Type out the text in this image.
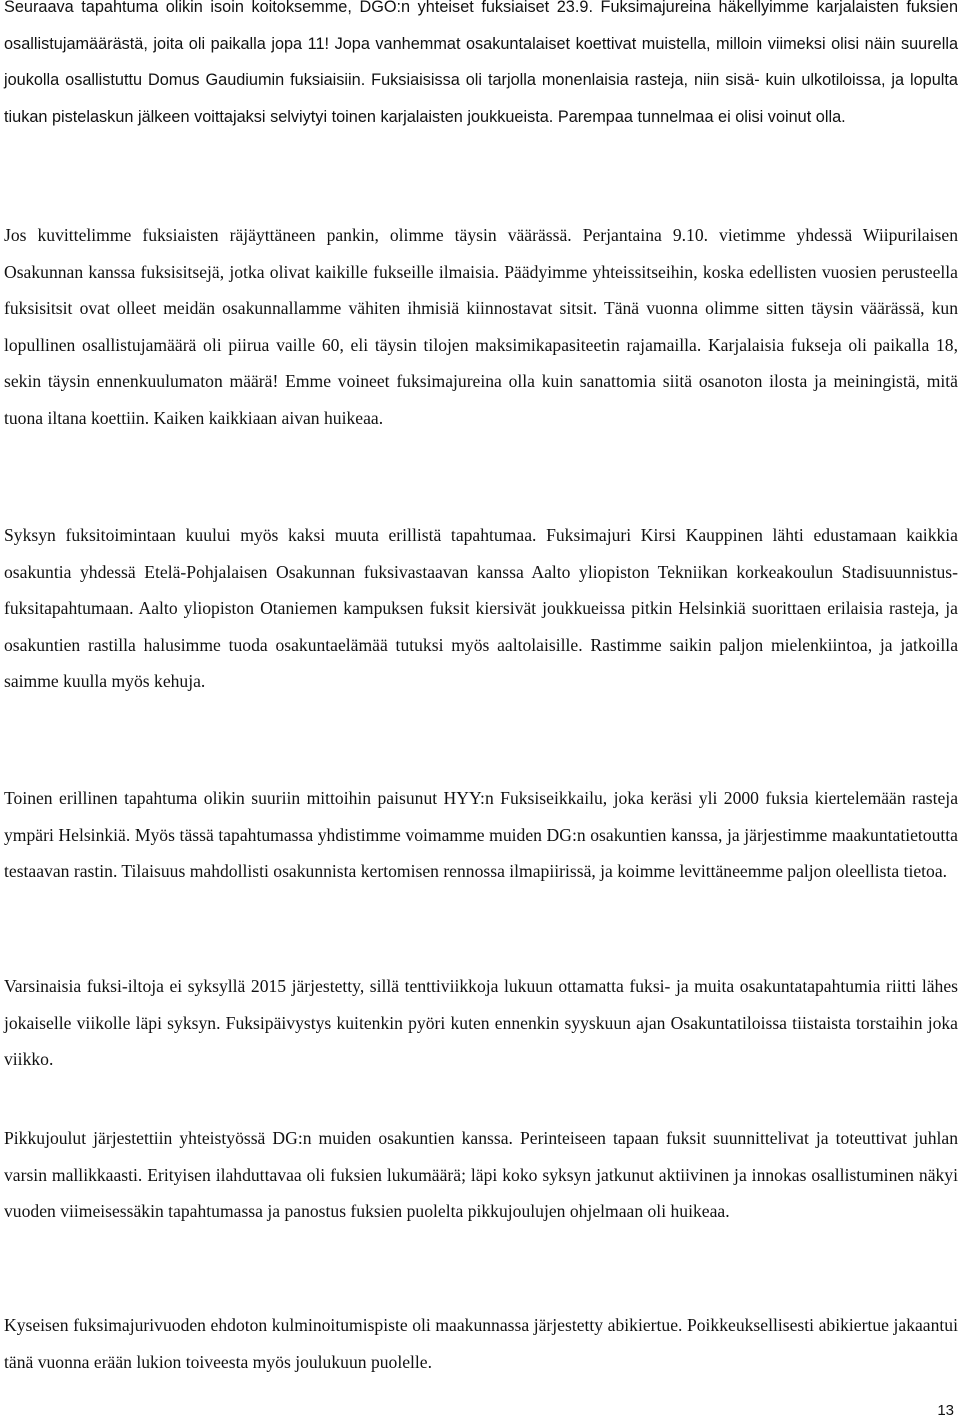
Seuraava tapahtuma olikin isoin koitoksemme, DGO:n yhteiset fuksiaiset 23.9. Fuksimajureina häkellyimme karjalaisten fuksien osallistujamäärästä, joita oli paikalla jopa 11! Jopa vanhemmat osakuntalaiset koettivat muistella, milloin viimeksi olisi näin suurella joukolla osallistuttu Domus Gaudiumin fuksiaisiin. Fuksiaisissa oli tarjolla monenlaisia rasteja, niin sisä- kuin ulkotiloissa, ja lopulta tiukan pistelaskun jälkeen voittajaksi selviytyi toinen karjalaisten joukkueista. Parempaa tunnelmaa ei olisi voinut olla.

Jos kuvittelimme fuksiaisten räjäyttäneen pankin, olimme täysin väärässä. Perjantaina 9.10. vietimme yhdessä Wiipurilaisen Osakunnan kanssa fuksisitsejä, jotka olivat kaikille fukseille ilmaisia. Päädyimme yhteissitseihin, koska edellisten vuosien perusteella fuksisitsit ovat olleet meidän osakunnallamme vähiten ihmisiä kiinnostavat sitsit. Tänä vuonna olimme sitten täysin väärässä, kun lopullinen osallistujamäärä oli piirua vaille 60, eli täysin tilojen maksimikapasiteetin rajamailla. Karjalaisia fukseja oli paikalla 18, sekin täysin ennenkuulumaton määrä! Emme voineet fuksimajureina olla kuin sanattomia siitä osanoton ilosta ja meiningistä, mitä tuona iltana koettiin. Kaiken kaikkiaan aivan huikeaa.

Syksyn fuksitoimintaan kuului myös kaksi muuta erillistä tapahtumaa. Fuksimajuri Kirsi Kauppinen lähti edustamaan kaikkia osakuntia yhdessä Etelä-Pohjalaisen Osakunnan fuksivastaavan kanssa Aalto yliopiston Tekniikan korkeakoulun Stadisuunnistus-fuksitapahtumaan. Aalto yliopiston Otaniemen kampuksen fuksit kiersivät joukkueissa pitkin Helsinkiä suorittaen erilaisia rasteja, ja osakuntien rastilla halusimme tuoda osakuntaelämää tutuksi myös aaltolaisille. Rastimme saikin paljon mielenkiintoa, ja jatkoilla saimme kuulla myös kehuja.

Toinen erillinen tapahtuma olikin suuriin mittoihin paisunut HYY:n Fuksiseikkailu, joka keräsi yli 2000 fuksia kiertelemään rasteja ympäri Helsinkiä. Myös tässä tapahtumassa yhdistimme voimamme muiden DG:n osakuntien kanssa, ja järjestimme maakuntatietoutta testaavan rastin. Tilaisuus mahdollisti osakunnista kertomisen rennossa ilmapiirissä, ja koimme levittäneemme paljon oleellista tietoa.

Varsinaisia fuksi-iltoja ei syksyllä 2015 järjestetty, sillä tenttiviikkoja lukuun ottamatta fuksi- ja muita osakuntatapahtumia riitti lähes jokaiselle viikolle läpi syksyn. Fuksipäivystys kuitenkin pyöri kuten ennenkin syyskuun ajan Osakuntatiloissa tiistaista torstaihin joka viikko.

Pikkujoulut järjestettiin yhteistyössä DG:n muiden osakuntien kanssa. Perinteiseen tapaan fuksit suunnittelivat ja toteuttivat juhlan varsin mallikkaasti. Erityisen ilahduttavaa oli fuksien lukumäärä; läpi koko syksyn jatkunut aktiivinen ja innokas osallistuminen näkyi vuoden viimeisessäkin tapahtumassa ja panostus fuksien puolelta pikkujoulujen ohjelmaan oli huikeaa.

Kyseisen fuksimajurivuoden ehdoton kulminoitumispiste oli maakunnassa järjestetty abikiertue. Poikkeuksellisesti abikiertue jakaantui tänä vuonna erään lukion toiveesta myös joulukuun puolelle.

13
